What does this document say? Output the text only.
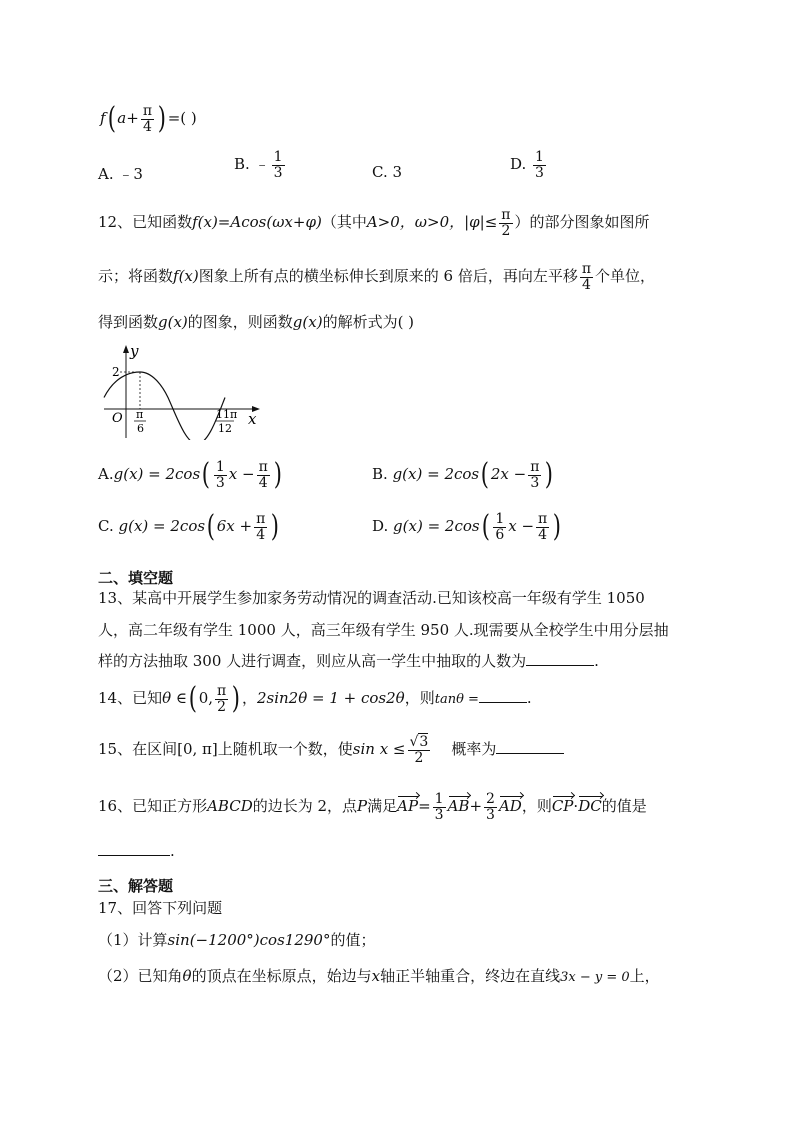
f( $a+ \frac{\pi}{4}$ ) =( )
A. ﹣3
B. ﹣ $\frac{1}{3}$	C. 3	D. $\frac{1}{3}$
12、已知函数f(x)=Acos(ωx+φ)（其中A>0，ω>0，$|\varphi|\le \frac{\pi}{2}$ ）的部分图象如图所
示；将函数f(x)图象上所有点的横坐标伸长到原来的 6 倍后，再向左平移 $\frac{\pi}{4}$ 个单位，
得到函数g(x)的图象，则函数g(x)的解析式为( )
y
x
O
2
π
6
11π
12
$A.g(x) = 2\cos( \frac{1}{3}$ $x - \frac{\pi}{4}$ )	B. g(x) = 2cos( $2x - \frac{\pi}{3}$ )
C. g(x) = 2cos( $6x + \frac{\pi}{4}$ )	D. $g(x) = 2\cos( \frac{1}{6}$ $x - \frac{\pi}{4}$ )
二、填空题
13、某高中开展学生参加家务劳动情况的调查活动.已知该校高一年级有学生 1050
人，高二年级有学生 1000 人，高三年级有学生 950 人.现需要从全校学生中用分层抽
样的方法抽取 300 人进行调查，则应从高一学生中抽取的人数为	.
14、已知θ ∈( 0, $\frac{\pi}{2}$ ) ，2sin2θ = 1 + cos2θ，则tanθ =	.
15、在区间[0, π]上随机取一个数，使$\sin x \le \frac{√3}{2}$ 概率为
16、已知正方形ABCD的边长为 2，点P满足$AP= \frac{1}{3} AB+ \frac{2}{3}$ AD，则CP·DC的值是
.
三、解答题
17、回答下列问题
（1）计算sin(−1200°)cos1290°的值；
（2）已知角θ的顶点在坐标原点，始边与x轴正半轴重合，终边在直线3x − y = 0上，
